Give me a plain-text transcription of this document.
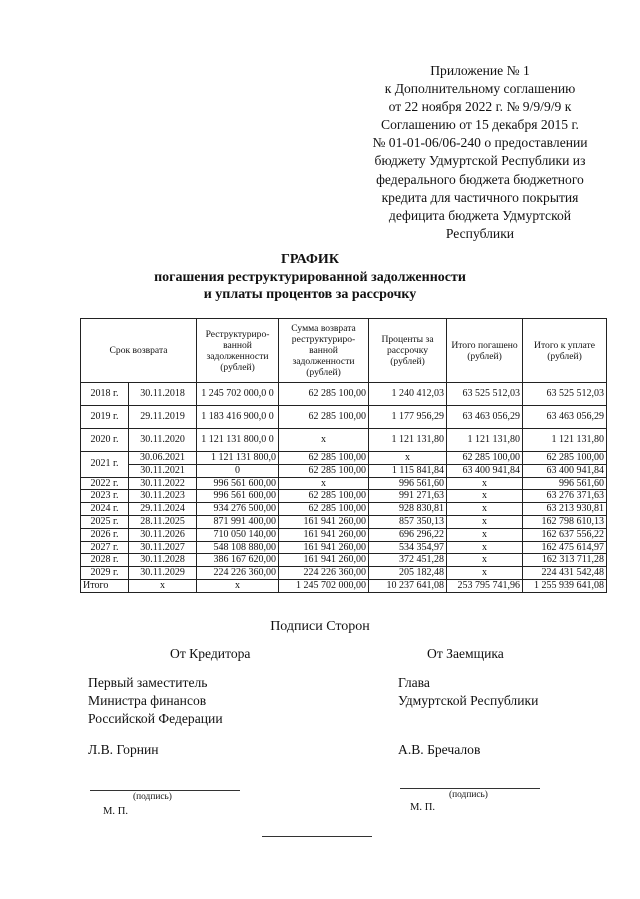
Приложение № 1
к Дополнительному соглашению
от 22 ноября 2022 г. № 9/9/9/9 к
Соглашению от 15 декабря 2015 г.
№ 01-01-06/06-240 о предоставлении
бюджету Удмуртской Республики из
федерального бюджета бюджетного
кредита для частичного покрытия
дефицита бюджета Удмуртской
Республики
ГРАФИК
погашения реструктурированной задолженности
и уплаты процентов за рассрочку
Срок возврата		Реструктуриро-ванной задолженности (рублей)	Сумма возврата реструктуриро-ванной задолженности (рублей)	Проценты за рассрочку (рублей)	Итого погашено (рублей)	Итого к уплате (рублей)
2018 г.	30.11.2018	1 245 702 000,0 0	62 285 100,00	1 240 412,03	63 525 512,03	63 525 512,03
2019 г.	29.11.2019	1 183 416 900,0 0	62 285 100,00	1 177 956,29	63 463 056,29	63 463 056,29
2020 г.	30.11.2020	1 121 131 800,0 0	x	1 121 131,80	1 121 131,80	1 121 131,80
2021 г.	30.06.2021	1 121 131 800,0	62 285 100,00	x	62 285 100,00	62 285 100,00
	30.11.2021	0	62 285 100,00	1 115 841,84	63 400 941,84	63 400 941,84
2022 г.	30.11.2022	996 561 600,00	x	996 561,60	x	996 561,60
2023 г.	30.11.2023	996 561 600,00	62 285 100,00	991 271,63	x	63 276 371,63
2024 г.	29.11.2024	934 276 500,00	62 285 100,00	928 830,81	x	63 213 930,81
2025 г.	28.11.2025	871 991 400,00	161 941 260,00	857 350,13	x	162 798 610,13
2026 г.	30.11.2026	710 050 140,00	161 941 260,00	696 296,22	x	162 637 556,22
2027 г.	30.11.2027	548 108 880,00	161 941 260,00	534 354,97	x	162 475 614,97
2028 г.	30.11.2028	386 167 620,00	161 941 260,00	372 451,28	x	162 313 711,28
2029 г.	30.11.2029	224 226 360,00	224 226 360,00	205 182,48	x	224 431 542,48
Итого	x	x	1 245 702 000,00	10 237 641,08	253 795 741,96	1 255 939 641,08
Подписи Сторон
От Кредитора
Первый заместитель
Министра финансов
Российской Федерации
Л.В. Горнин
(подпись)
М. П.
От Заемщика
Глава
Удмуртской Республики
А.В. Бречалов
(подпись)
М. П.
